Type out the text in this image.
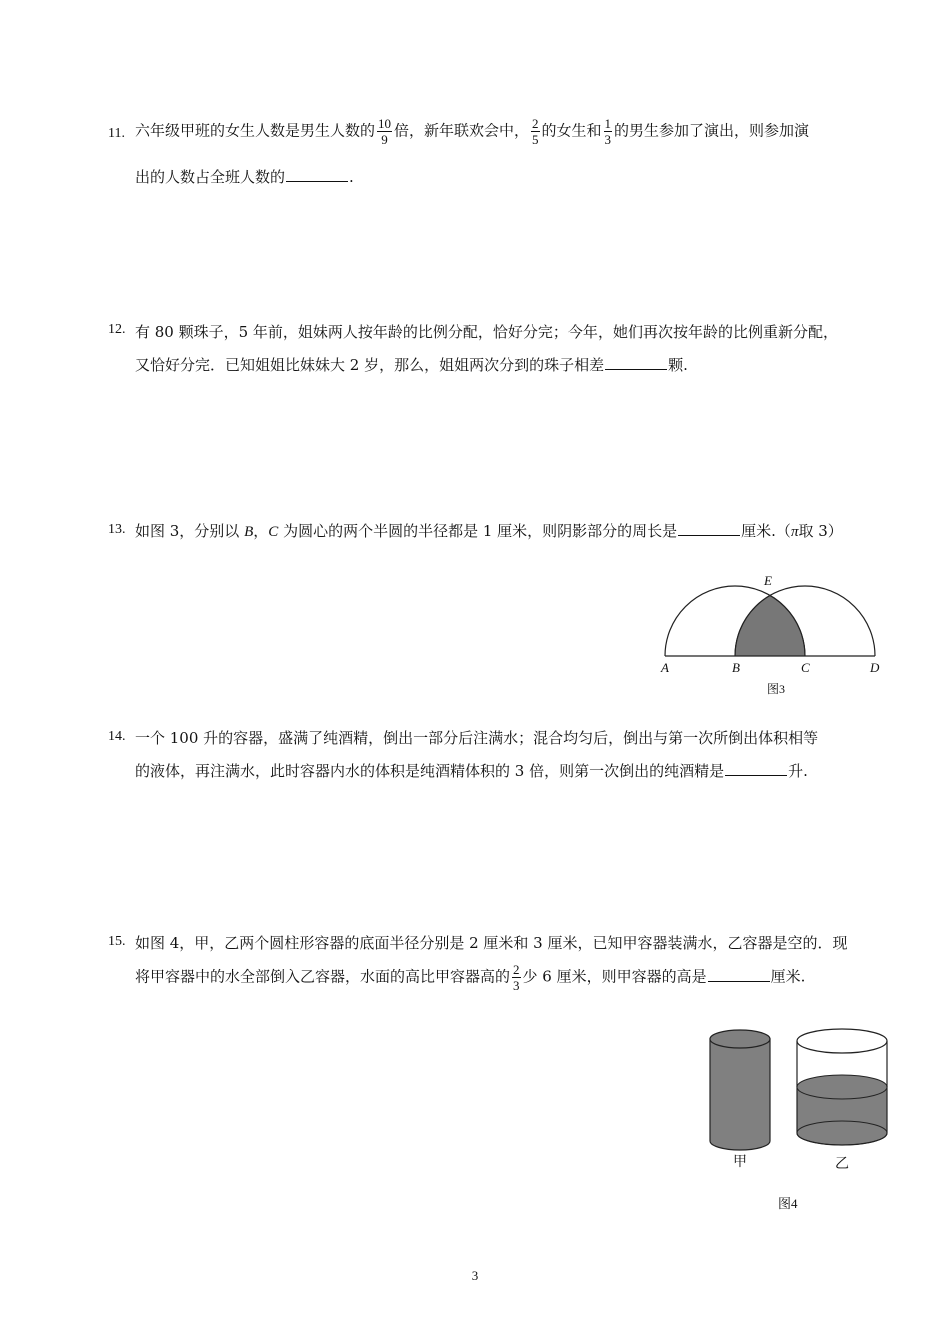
11. 六年级甲班的女生人数是男生人数的 $\frac{10}{9}$ 倍，新年联欢会中， $\frac{2}{5}$ 的女生和 $\frac{1}{3}$ 的男生参加了演出，则参加演
出的人数占全班人数的	.
12. 有 80 颗珠子，5 年前，姐妹两人按年龄的比例分配，恰好分完；今年，她们再次按年龄的比例重新分配，
又恰好分完．已知姐姐比妹妹大 2 岁，那么，姐姐两次分到的珠子相差	颗.
13. 如图 3，分别以 B，C 为圆心的两个半圆的半径都是 1 厘米，则阴影部分的周长是	厘米.（π取 3）
E
A	B	C	D
图3
14. 一个 100 升的容器，盛满了纯酒精，倒出一部分后注满水；混合均匀后，倒出与第一次所倒出体积相等
的液体，再注满水，此时容器内水的体积是纯酒精体积的 3 倍，则第一次倒出的纯酒精是	升.
15. 如图 4，甲，乙两个圆柱形容器的底面半径分别是 2 厘米和 3 厘米，已知甲容器装满水，乙容器是空的．现
将甲容器中的水全部倒入乙容器，水面的高比甲容器高的 $\frac{2}{3}$ 少 6 厘米，则甲容器的高是	厘米.
甲	乙
图4
3
